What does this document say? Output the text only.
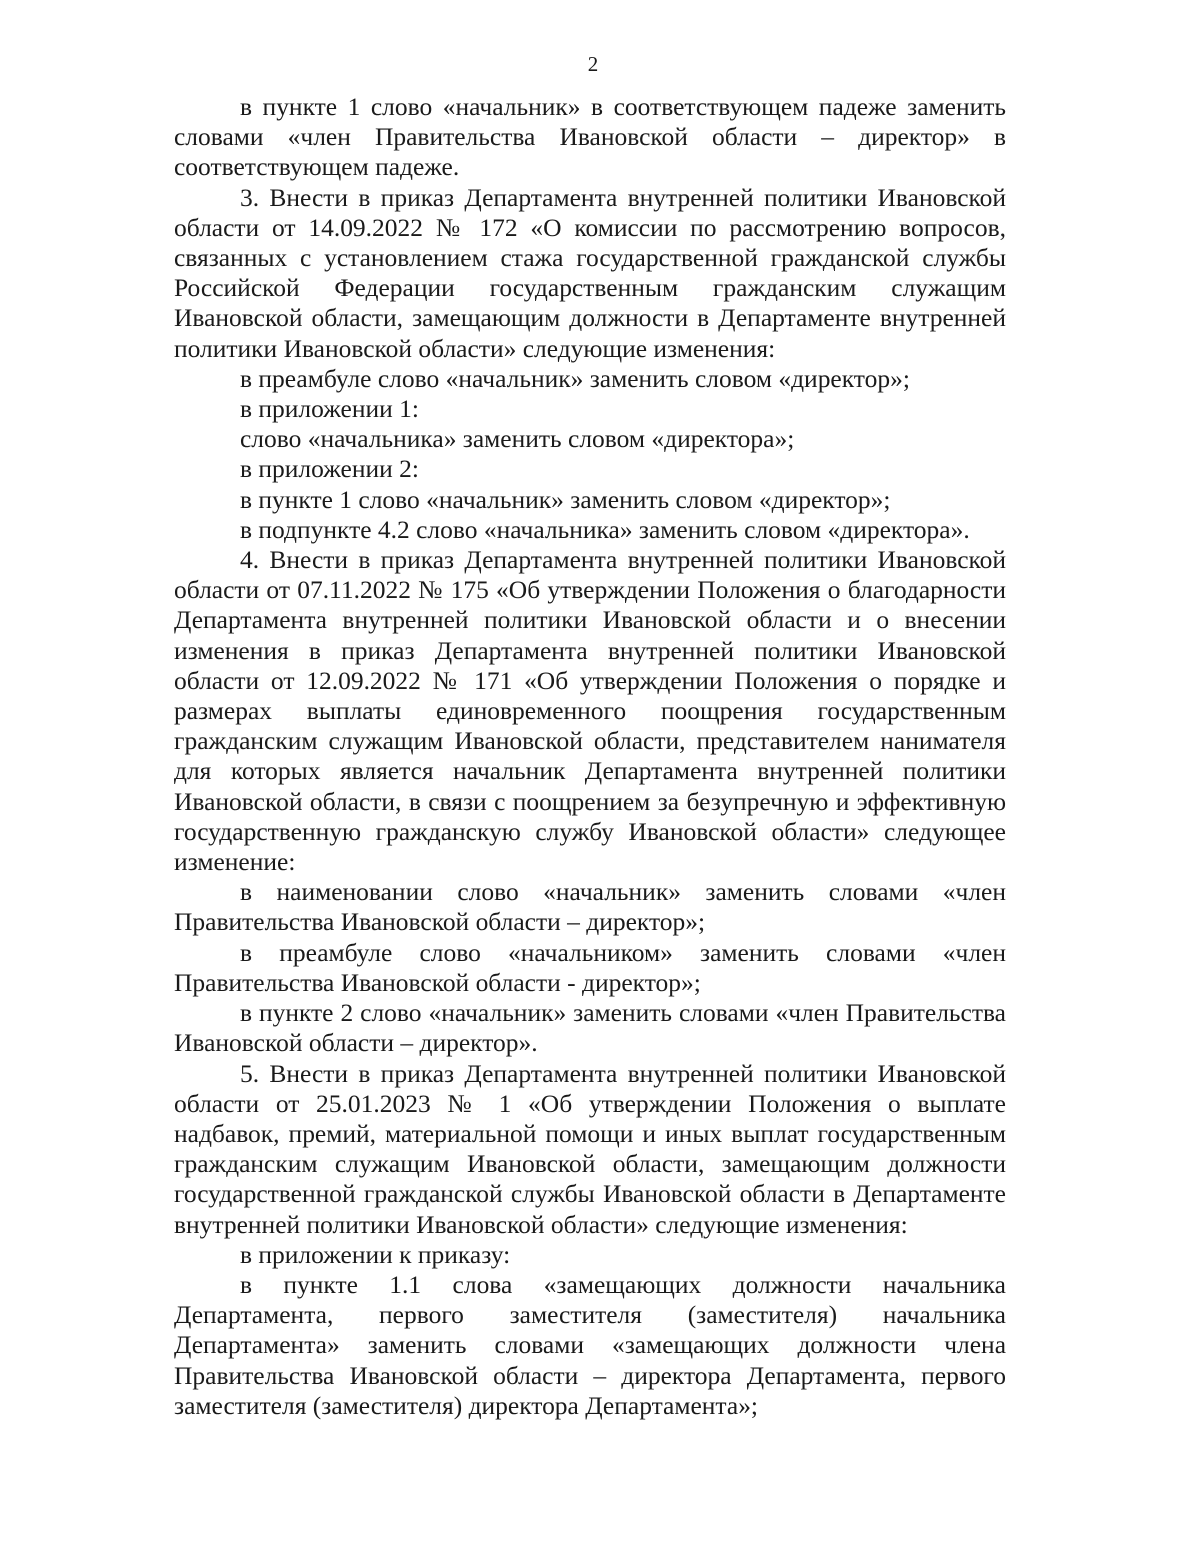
2

в пункте 1 слово «начальник» в соответствующем падеже заменить словами «член Правительства Ивановской области – директор» в соответствующем падеже.

3. Внести в приказ Департамента внутренней политики Ивановской области от 14.09.2022 № 172 «О комиссии по рассмотрению вопросов, связанных с установлением стажа государственной гражданской службы Российской Федерации государственным гражданским служащим Ивановской области, замещающим должности в Департаменте внутренней политики Ивановской области» следующие изменения:

в преамбуле слово «начальник» заменить словом «директор»;

в приложении 1:

слово «начальника» заменить словом «директора»;

в приложении 2:

в пункте 1 слово «начальник» заменить словом «директор»;

в подпункте 4.2 слово «начальника» заменить словом «директора».

4. Внести в приказ Департамента внутренней политики Ивановской области от 07.11.2022 № 175 «Об утверждении Положения о благодарности Департамента внутренней политики Ивановской области и о внесении изменения в приказ Департамента внутренней политики Ивановской области от 12.09.2022 № 171 «Об утверждении Положения о порядке и размерах выплаты единовременного поощрения государственным гражданским служащим Ивановской области, представителем нанимателя для которых является начальник Департамента внутренней политики Ивановской области, в связи с поощрением за безупречную и эффективную государственную гражданскую службу Ивановской области» следующее изменение:

в наименовании слово «начальник» заменить словами «член Правительства Ивановской области – директор»;

в преамбуле слово «начальником» заменить словами «член Правительства Ивановской области - директор»;

в пункте 2 слово «начальник» заменить словами «член Правительства Ивановской области – директор».

5. Внести в приказ Департамента внутренней политики Ивановской области от 25.01.2023 № 1 «Об утверждении Положения о выплате надбавок, премий, материальной помощи и иных выплат государственным гражданским служащим Ивановской области, замещающим должности государственной гражданской службы Ивановской области в Департаменте внутренней политики Ивановской области» следующие изменения:

в приложении к приказу:

в пункте 1.1 слова «замещающих должности начальника Департамента, первого заместителя (заместителя) начальника Департамента» заменить словами «замещающих должности члена Правительства Ивановской области – директора Департамента, первого заместителя (заместителя) директора Департамента»;
